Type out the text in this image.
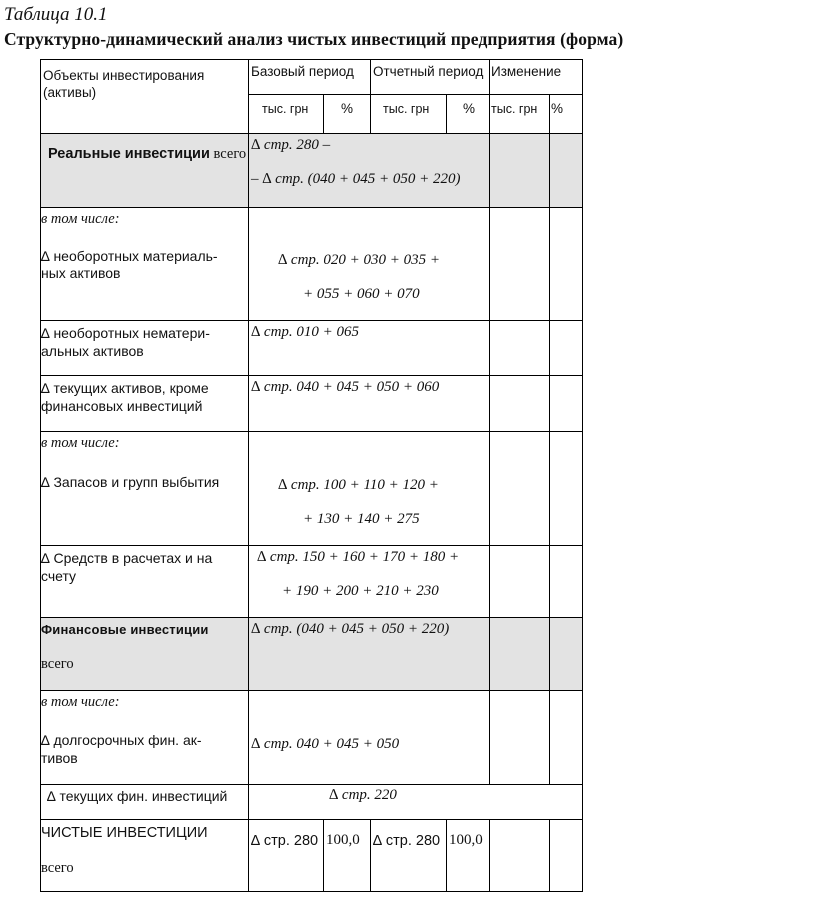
Таблица 10.1
Структурно-динамический анализ чистых инвестиций предприятия (форма)
Объекты инвестирования
(активы)
Базовый период Отчетный период Изменение
тыс. грн % тыс. грн % тыс. грн %
Реальные инвестиции всего
∆ стр. 280 –
– ∆ стр. (040 + 045 + 050 + 220)
в том числе:
∆ необоротных материаль-
ных активов
∆ стр. 020 + 030 + 035 +
+ 055 + 060 + 070
∆ необоротных нематери-
альных активов
∆ стр. 010 + 065
∆ текущих активов, кроме
финансовых инвестиций
∆ стр. 040 + 045 + 050 + 060
в том числе:
∆ Запасов и групп выбытия	∆ стр. 100 + 110 + 120 +
+ 130 + 140 + 275
∆ Средств в расчетах и на
счету
∆ стр. 150 + 160 + 170 + 180 +
+ 190 + 200 + 210 + 230
Финансовые инвестиции
всего
∆ стр. (040 + 045 + 050 + 220)
в том числе:
∆ долгосрочных фин. ак-
тивов
∆ стр. 040 + 045 + 050
∆ текущих фин. инвестиций	∆ стр. 220
ЧИСТЫЕ ИНВЕСТИЦИИ
всего
∆ стр. 280 100,0 ∆ стр. 280 100,0
